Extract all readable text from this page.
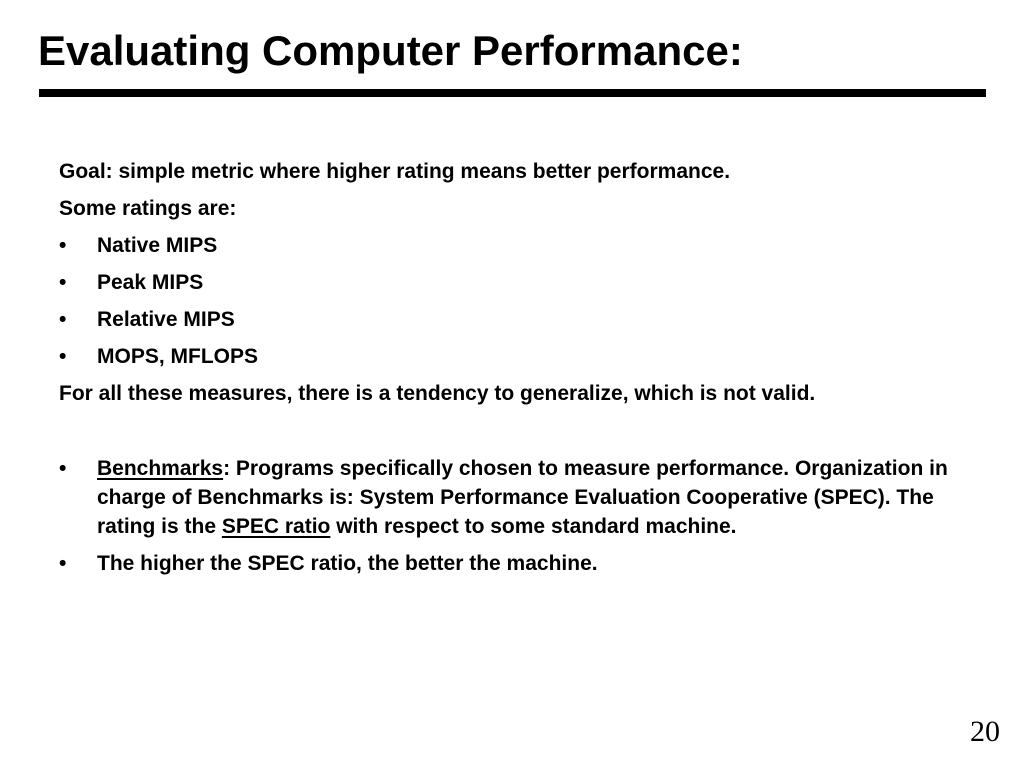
Evaluating Computer Performance:

Goal: simple metric where higher rating means better performance.

Some ratings are:

•	Native MIPS
•	Peak MIPS
•	Relative MIPS
•	MOPS, MFLOPS

For all these measures, there is a tendency to generalize, which is not valid.

•	Benchmarks: Programs specifically chosen to measure performance. Organization in charge of Benchmarks is: System Performance Evaluation Cooperative (SPEC). The rating is the SPEC ratio with respect to some standard machine.
•	The higher the SPEC ratio, the better the machine.
20
